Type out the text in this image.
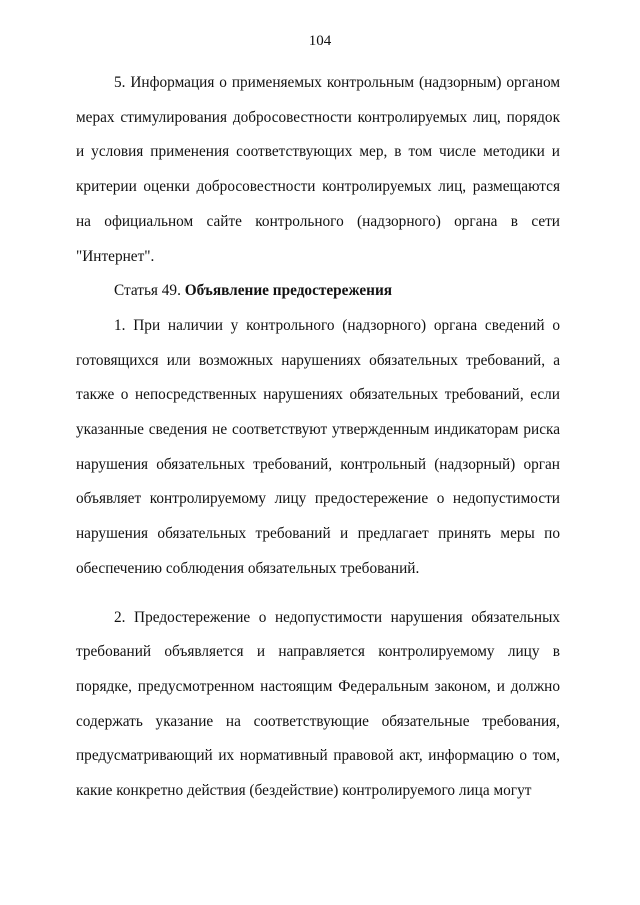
104

5. Информация о применяемых контрольным (надзорным) органом мерах стимулирования добросовестности контролируемых лиц, порядок и условия применения соответствующих мер, в том числе методики и критерии оценки добросовестности контролируемых лиц, размещаются на официальном сайте контрольного (надзорного) органа в сети "Интернет".

Статья 49. Объявление предостережения

1. При наличии у контрольного (надзорного) органа сведений о готовящихся или возможных нарушениях обязательных требований, а также о непосредственных нарушениях обязательных требований, если указанные сведения не соответствуют утвержденным индикаторам риска нарушения обязательных требований, контрольный (надзорный) орган объявляет контролируемому лицу предостережение о недопустимости нарушения обязательных требований и предлагает принять меры по обеспечению соблюдения обязательных требований.

2. Предостережение о недопустимости нарушения обязательных требований объявляется и направляется контролируемому лицу в порядке, предусмотренном настоящим Федеральным законом, и должно содержать указание на соответствующие обязательные требования, предусматривающий их нормативный правовой акт, информацию о том, какие конкретно действия (бездействие) контролируемого лица могут
